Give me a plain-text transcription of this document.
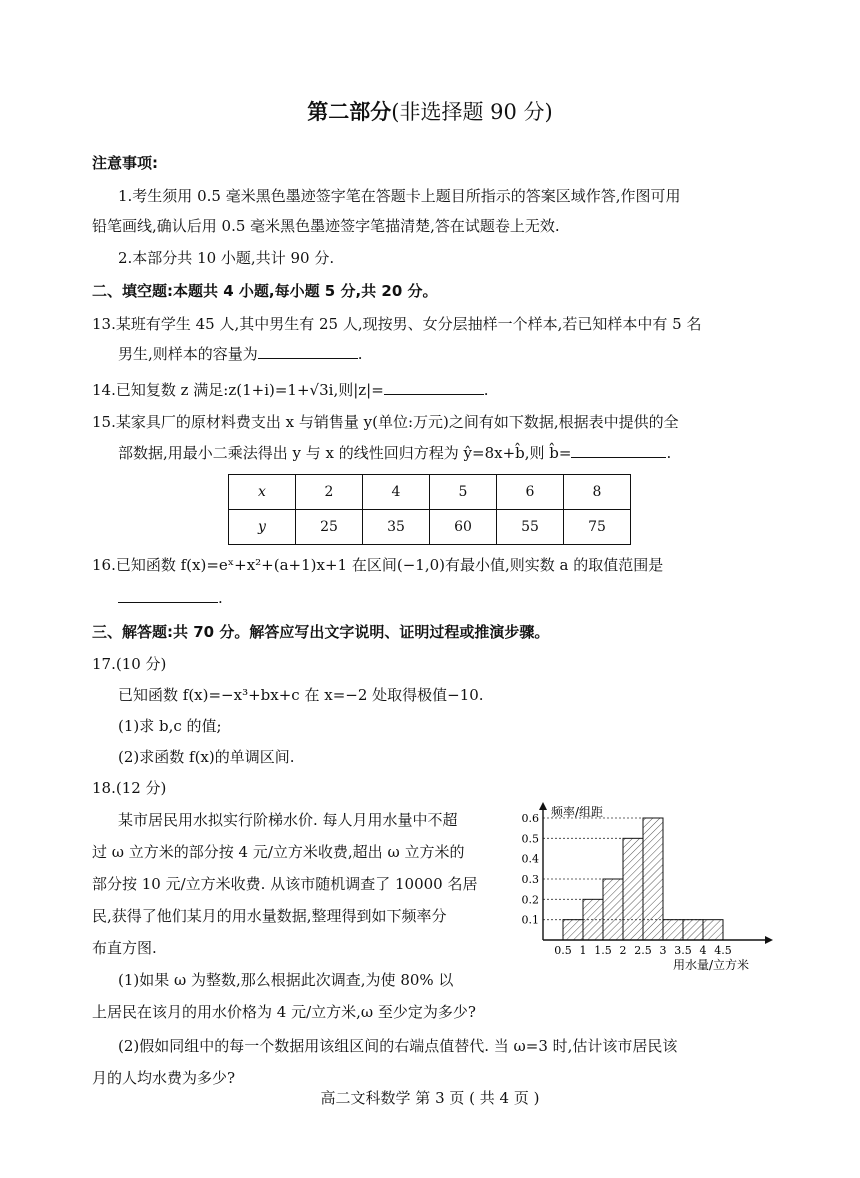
第二部分(非选择题 90 分)
注意事项:
1.考生须用 0.5 毫米黑色墨迹签字笔在答题卡上题目所指示的答案区域作答,作图可用
铅笔画线,确认后用 0.5 毫米黑色墨迹签字笔描清楚,答在试题卷上无效.
2.本部分共 10 小题,共计 90 分.
二、填空题:本题共 4 小题,每小题 5 分,共 20 分。
13.某班有学生 45 人,其中男生有 25 人,现按男、女分层抽样一个样本,若已知样本中有 5 名
男生,则样本的容量为	.
14.已知复数 z 满足:z(1+i)=1+√3i,则|z|=	.
15.某家具厂的原材料费支出 x 与销售量 y(单位:万元)之间有如下数据,根据表中提供的全
部数据,用最小二乘法得出 y 与 x 的线性回归方程为 ŷ=8x+b̂,则 b̂=	.
x	2	4	5	6	8
y	25	35	60	55	75
16.已知函数 f(x)=eˣ+x²+(a+1)x+1 在区间(−1,0)有最小值,则实数 a 的取值范围是
.
三、解答题:共 70 分。解答应写出文字说明、证明过程或推演步骤。
17.(10 分)
已知函数 f(x)=−x³+bx+c 在 x=−2 处取得极值−10.
(1)求 b,c 的值;
(2)求函数 f(x)的单调区间.
18.(12 分)
某市居民用水拟实行阶梯水价. 每人月用水量中不超
过 ω 立方米的部分按 4 元/立方米收费,超出 ω 立方米的
部分按 10 元/立方米收费. 从该市随机调查了 10000 名居
民,获得了他们某月的用水量数据,整理得到如下频率分
布直方图.
(1)如果 ω 为整数,那么根据此次调查,为使 80% 以
上居民在该月的用水价格为 4 元/立方米,ω 至少定为多少?
(2)假如同组中的每一个数据用该组区间的右端点值替代. 当 ω=3 时,估计该市居民该
月的人均水费为多少?
频率/组距
用水量/立方米
0.1
0.2
0.3
0.4
0.5
0.6
0.5 1 1.5 2 2.5 3 3.5 4 4.5
高二文科数学 第 3 页 ( 共 4 页 )
